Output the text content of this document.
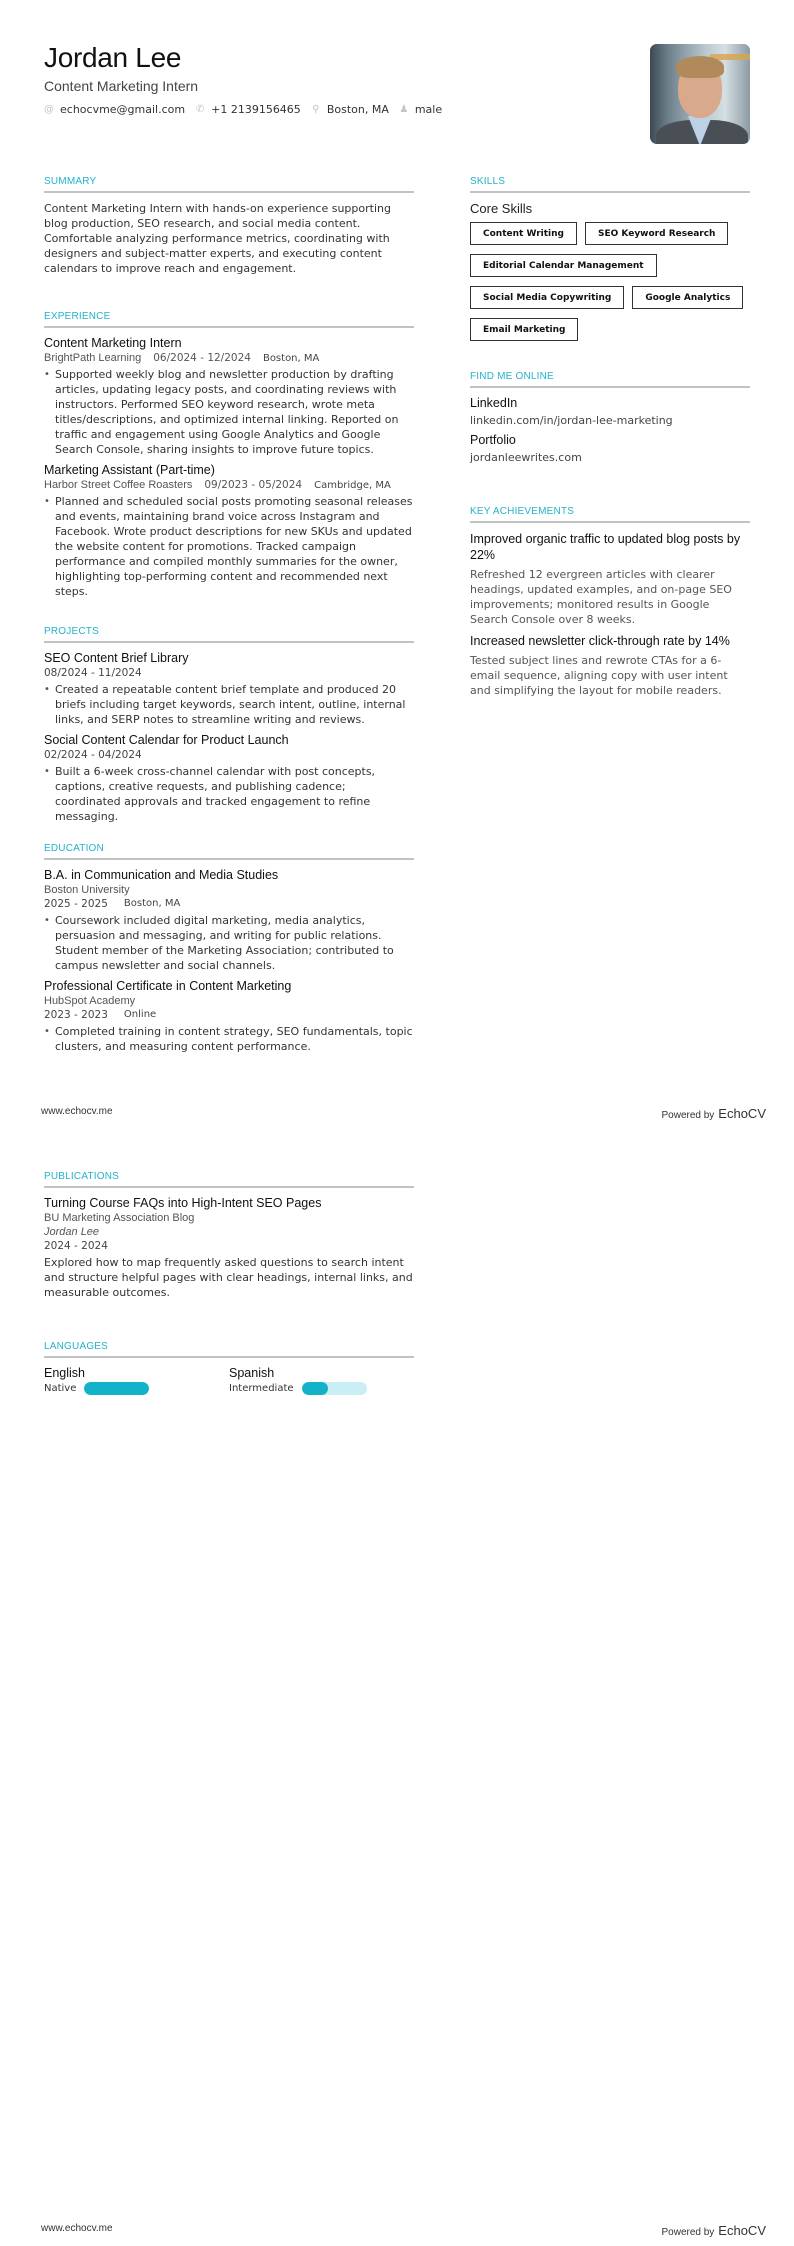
Jordan Lee
Content Marketing Intern
@ echocvme@gmail.com ✆ +1 2139156465 ⚲ Boston, MA ♟ male
SUMMARY
Content Marketing Intern with hands-on experience supporting blog production, SEO research, and social media content. Comfortable analyzing performance metrics, coordinating with designers and subject-matter experts, and executing content calendars to improve reach and engagement.
EXPERIENCE
Content Marketing Intern
BrightPath Learning 06/2024 - 12/2024 Boston, MA
• Supported weekly blog and newsletter production by drafting articles, updating legacy posts, and coordinating reviews with instructors. Performed SEO keyword research, wrote meta titles/descriptions, and optimized internal linking. Reported on traffic and engagement using Google Analytics and Google Search Console, sharing insights to improve future topics.
Marketing Assistant (Part-time)
Harbor Street Coffee Roasters 09/2023 - 05/2024 Cambridge, MA
• Planned and scheduled social posts promoting seasonal releases and events, maintaining brand voice across Instagram and Facebook. Wrote product descriptions for new SKUs and updated the website content for promotions. Tracked campaign performance and compiled monthly summaries for the owner, highlighting top-performing content and recommended next steps.
PROJECTS
SEO Content Brief Library
08/2024 - 11/2024
• Created a repeatable content brief template and produced 20 briefs including target keywords, search intent, outline, internal links, and SERP notes to streamline writing and reviews.
Social Content Calendar for Product Launch
02/2024 - 04/2024
• Built a 6-week cross-channel calendar with post concepts, captions, creative requests, and publishing cadence; coordinated approvals and tracked engagement to refine messaging.
EDUCATION
B.A. in Communication and Media Studies
Boston University
2025 - 2025 Boston, MA
• Coursework included digital marketing, media analytics, persuasion and messaging, and writing for public relations. Student member of the Marketing Association; contributed to campus newsletter and social channels.
Professional Certificate in Content Marketing
HubSpot Academy
2023 - 2023 Online
• Completed training in content strategy, SEO fundamentals, topic clusters, and measuring content performance.
SKILLS
Core Skills
Content Writing	SEO Keyword Research
Editorial Calendar Management
Social Media Copywriting	Google Analytics
Email Marketing
FIND ME ONLINE
LinkedIn
linkedin.com/in/jordan-lee-marketing
Portfolio
jordanleewrites.com
KEY ACHIEVEMENTS
Improved organic traffic to updated blog posts by 22%
Refreshed 12 evergreen articles with clearer headings, updated examples, and on-page SEO improvements; monitored results in Google Search Console over 8 weeks.
Increased newsletter click-through rate by 14%
Tested subject lines and rewrote CTAs for a 6-email sequence, aligning copy with user intent and simplifying the layout for mobile readers.
www.echocv.me	Powered by EchoCV
PUBLICATIONS
Turning Course FAQs into High-Intent SEO Pages
BU Marketing Association Blog
Jordan Lee
2024 - 2024
Explored how to map frequently asked questions to search intent and structure helpful pages with clear headings, internal links, and measurable outcomes.
LANGUAGES
English
Native
Spanish
Intermediate
www.echocv.me	Powered by EchoCV
